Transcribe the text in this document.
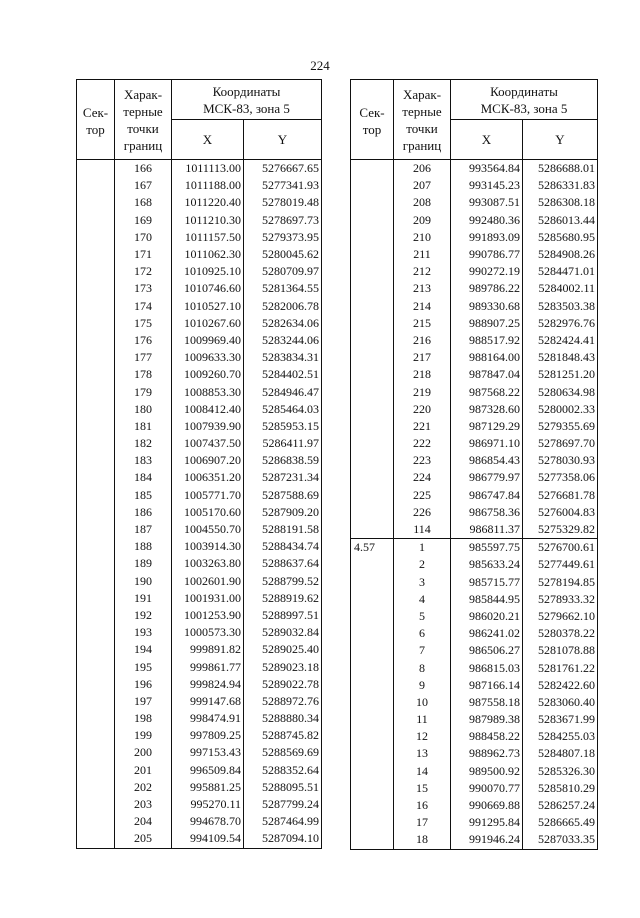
224
Сек-
тор	Харак-
терные
точки
границ	Координаты
МСК-83, зона 5	
		X	Y
	166	1011113.00	5276667.65
	167	1011188.00	5277341.93
	168	1011220.40	5278019.48
	169	1011210.30	5278697.73
	170	1011157.50	5279373.95
	171	1011062.30	5280045.62
	172	1010925.10	5280709.97
	173	1010746.60	5281364.55
	174	1010527.10	5282006.78
	175	1010267.60	5282634.06
	176	1009969.40	5283244.06
	177	1009633.30	5283834.31
	178	1009260.70	5284402.51
	179	1008853.30	5284946.47
	180	1008412.40	5285464.03
	181	1007939.90	5285953.15
	182	1007437.50	5286411.97
	183	1006907.20	5286838.59
	184	1006351.20	5287231.34
	185	1005771.70	5287588.69
	186	1005170.60	5287909.20
	187	1004550.70	5288191.58
	188	1003914.30	5288434.74
	189	1003263.80	5288637.64
	190	1002601.90	5288799.52
	191	1001931.00	5288919.62
	192	1001253.90	5288997.51
	193	1000573.30	5289032.84
	194	999891.82	5289025.40
	195	999861.77	5289023.18
	196	999824.94	5289022.78
	197	999147.68	5288972.76
	198	998474.91	5288880.34
	199	997809.25	5288745.82
	200	997153.43	5288569.69
	201	996509.84	5288352.64
	202	995881.25	5288095.51
	203	995270.11	5287799.24
	204	994678.70	5287464.99
	205	994109.54	5287094.10
Сек-
тор	Харак-
терные
точки
границ	Координаты
МСК-83, зона 5	
		X	Y
	206	993564.84	5286688.01
	207	993145.23	5286331.83
	208	993087.51	5286308.18
	209	992480.36	5286013.44
	210	991893.09	5285680.95
	211	990786.77	5284908.26
	212	990272.19	5284471.01
	213	989786.22	5284002.11
	214	989330.68	5283503.38
	215	988907.25	5282976.76
	216	988517.92	5282424.41
	217	988164.00	5281848.43
	218	987847.04	5281251.20
	219	987568.22	5280634.98
	220	987328.60	5280002.33
	221	987129.29	5279355.69
	222	986971.10	5278697.70
	223	986854.43	5278030.93
	224	986779.97	5277358.06
	225	986747.84	5276681.78
	226	986758.36	5276004.83
	114	986811.37	5275329.82
4.57	1	985597.75	5276700.61
	2	985633.24	5277449.61
	3	985715.77	5278194.85
	4	985844.95	5278933.32
	5	986020.21	5279662.10
	6	986241.02	5280378.22
	7	986506.27	5281078.88
	8	986815.03	5281761.22
	9	987166.14	5282422.60
	10	987558.18	5283060.40
	11	987989.38	5283671.99
	12	988458.22	5284255.03
	13	988962.73	5284807.18
	14	989500.92	5285326.30
	15	990070.77	5285810.29
	16	990669.88	5286257.24
	17	991295.84	5286665.49
	18	991946.24	5287033.35
